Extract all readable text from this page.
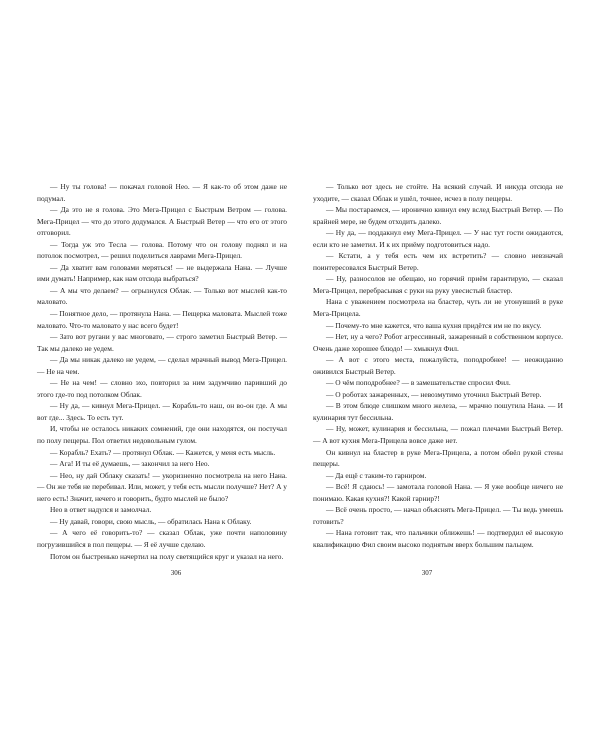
— Ну ты голова! — покачал головой Нео. — Я как-то об этом даже не подумал.

— Да это не я голова. Это Мега-Прицел с Быстрым Ветром — голова. Мега-Прицел — что до этого додумался. А Быстрый Ветер — что его от этого отговорил.

— Тогда уж это Тесла — голова. Потому что он голову поднял и на потолок посмотрел, — решил поделиться лаврами Мега-Прицел.

— Да хватит вам головами меряться! — не выдержала Нана. — Лучше ими думать! Например, как нам отсюда выбраться?

— А мы что делаем? — огрызнулся Облак. — Только вот мыслей как-то маловато.

— Понятное дело, — протянула Нана. — Пещерка маловата. Мыслей тоже маловато. Что-то маловато у нас всего будет!

— Зато вот ругани у вас многовато, — строго заметил Быстрый Ветер. — Так мы далеко не уедем.

— Да мы никак далеко не уедем, — сделал мрачный вывод Мега-Прицел. — Не на чем.

— Не на чем! — словно эхо, повторил за ним задумчиво паривший до этого где-то под потолком Облак.

— Ну да, — кивнул Мега-Прицел. — Корабль-то наш, он во-он где. А мы вот где... Здесь. То есть тут.

И, чтобы не осталось никаких сомнений, где они находятся, он постучал по полу пещеры. Пол ответил недовольным гулом.

— Корабль? Ехать? — протянул Облак. — Кажется, у меня есть мысль.

— Ага! И ты её думаешь, — закончил за него Нео.

— Нео, ну дай Облаку сказать! — укоризненно посмотрела на него Нана. — Он же тебя не перебивал. Или, может, у тебя есть мысли получше? Нет? А у него есть! Значит, нечего и говорить, будто мыслей не было?

Нео в ответ надулся и замолчал.

— Ну давай, говори, свою мысль, — обратилась Нана к Облаку.

— А чего её говорить-то? — сказал Облак, уже почти наполовину погрузившийся в пол пещеры. — Я её лучше сделаю.

Потом он быстренько начертил на полу светящийся круг и указал на него.

306

— Только вот здесь не стойте. На всякий случай. И никуда отсюда не уходите, — сказал Облак и ушёл, точнее, исчез в полу пещеры.

— Мы постараемся, — иронично кивнул ему вслед Быстрый Ветер. — По крайней мере, не будем отходить далеко.

— Ну да, — поддакнул ему Мега-Прицел. — У нас тут гости ожидаются, если кто не заметил. И к их приёму подготовиться надо.

— Кстати, а у тебя есть чем их встретить? — словно невзначай поинтересовался Быстрый Ветер.

— Ну, разносолов не обещаю, но горячий приём гарантирую, — сказал Мега-Прицел, перебрасывая с руки на руку увесистый бластер.

Нана с уважением посмотрела на бластер, чуть ли не утонувший в руке Мега-Прицела.

— Почему-то мне кажется, что ваша кухня придётся им не по вкусу.

— Нет, ну а чего? Робот агрессивный, зажаренный в собственном корпусе. Очень даже хорошее блюдо! — хмыкнул Фил.

— А вот с этого места, пожалуйста, поподробнее! — неожиданно оживился Быстрый Ветер.

— О чём поподробнее? — в замешательстве спросил Фил.

— О роботах зажаренных, — невозмутимо уточнил Быстрый Ветер.

— В этом блюде слишком много железа, — мрачно пошутила Нана. — И кулинария тут бессильна.

— Ну, может, кулинария и бессильна, — пожал плечами Быстрый Ветер. — А вот кухня Мега-Прицела вовсе даже нет.

Он кивнул на бластер в руке Мега-Прицела, а потом обвёл рукой стены пещеры.

— Да ещё с таким-то гарниром.

— Всё! Я сдаюсь! — замотала головой Нана. — Я уже вообще ничего не понимаю. Какая кухня?! Какой гарнир?!

— Всё очень просто, — начал объяснять Мега-Прицел. — Ты ведь умеешь готовить?

— Нана готовит так, что пальчики оближешь! — подтвердил её высокую квалификацию Фил своим высоко поднятым вверх большим пальцем.

307
